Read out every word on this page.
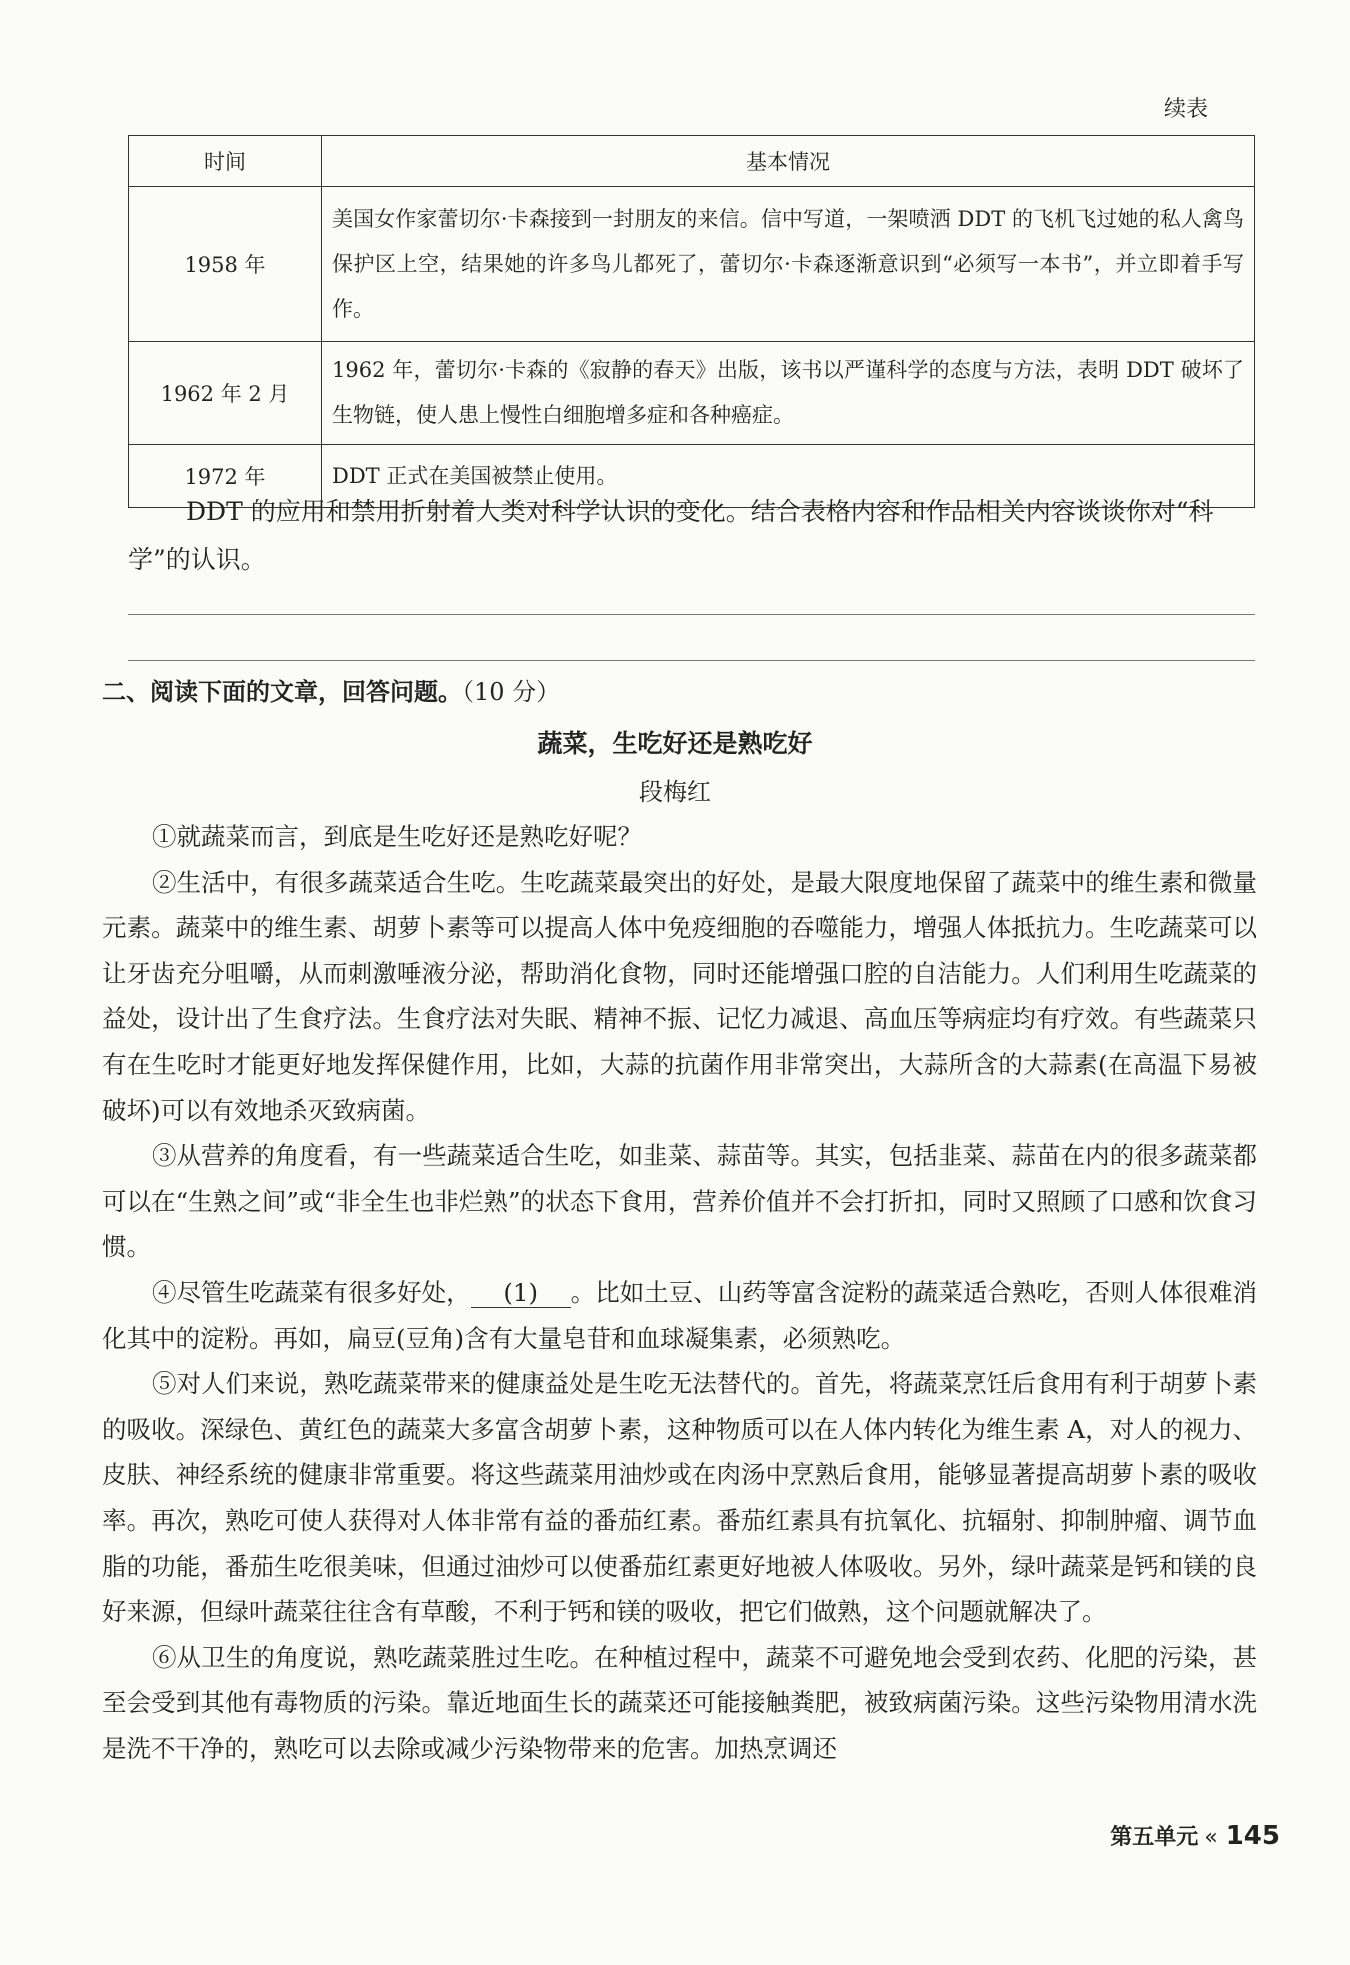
续表
时间	基本情况
1958 年	美国女作家蕾切尔·卡森接到一封朋友的来信。信中写道，一架喷洒 DDT 的飞机飞过她的私人禽鸟保护区上空，结果她的许多鸟儿都死了，蕾切尔·卡森逐渐意识到“必须写一本书”，并立即着手写作。
1962 年 2 月	1962 年，蕾切尔·卡森的《寂静的春天》出版，该书以严谨科学的态度与方法，表明 DDT 破坏了生物链，使人患上慢性白细胞增多症和各种癌症。
1972 年	DDT 正式在美国被禁止使用。
DDT 的应用和禁用折射着人类对科学认识的变化。结合表格内容和作品相关内容谈谈你对“科学”的认识。
二、阅读下面的文章，回答问题。（10 分）
蔬菜，生吃好还是熟吃好
段梅红

①就蔬菜而言，到底是生吃好还是熟吃好呢？

②生活中，有很多蔬菜适合生吃。生吃蔬菜最突出的好处，是最大限度地保留了蔬菜中的维生素和微量元素。蔬菜中的维生素、胡萝卜素等可以提高人体中免疫细胞的吞噬能力，增强人体抵抗力。生吃蔬菜可以让牙齿充分咀嚼，从而刺激唾液分泌，帮助消化食物，同时还能增强口腔的自洁能力。人们利用生吃蔬菜的益处，设计出了生食疗法。生食疗法对失眠、精神不振、记忆力减退、高血压等病症均有疗效。有些蔬菜只有在生吃时才能更好地发挥保健作用，比如，大蒜的抗菌作用非常突出，大蒜所含的大蒜素(在高温下易被破坏)可以有效地杀灭致病菌。

③从营养的角度看，有一些蔬菜适合生吃，如韭菜、蒜苗等。其实，包括韭菜、蒜苗在内的很多蔬菜都可以在“生熟之间”或“非全生也非烂熟”的状态下食用，营养价值并不会打折扣，同时又照顾了口感和饮食习惯。

④尽管生吃蔬菜有很多好处， (1) 。比如土豆、山药等富含淀粉的蔬菜适合熟吃，否则人体很难消化其中的淀粉。再如，扁豆(豆角)含有大量皂苷和血球凝集素，必须熟吃。

⑤对人们来说，熟吃蔬菜带来的健康益处是生吃无法替代的。首先，将蔬菜烹饪后食用有利于胡萝卜素的吸收。深绿色、黄红色的蔬菜大多富含胡萝卜素，这种物质可以在人体内转化为维生素 A，对人的视力、皮肤、神经系统的健康非常重要。将这些蔬菜用油炒或在肉汤中烹熟后食用，能够显著提高胡萝卜素的吸收率。再次，熟吃可使人获得对人体非常有益的番茄红素。番茄红素具有抗氧化、抗辐射、抑制肿瘤、调节血脂的功能，番茄生吃很美味，但通过油炒可以使番茄红素更好地被人体吸收。另外，绿叶蔬菜是钙和镁的良好来源，但绿叶蔬菜往往含有草酸，不利于钙和镁的吸收，把它们做熟，这个问题就解决了。

⑥从卫生的角度说，熟吃蔬菜胜过生吃。在种植过程中，蔬菜不可避免地会受到农药、化肥的污染，甚至会受到其他有毒物质的污染。靠近地面生长的蔬菜还可能接触粪肥，被致病菌污染。这些污染物用清水洗是洗不干净的，熟吃可以去除或减少污染物带来的危害。加热烹调还

第五单元 « 145
